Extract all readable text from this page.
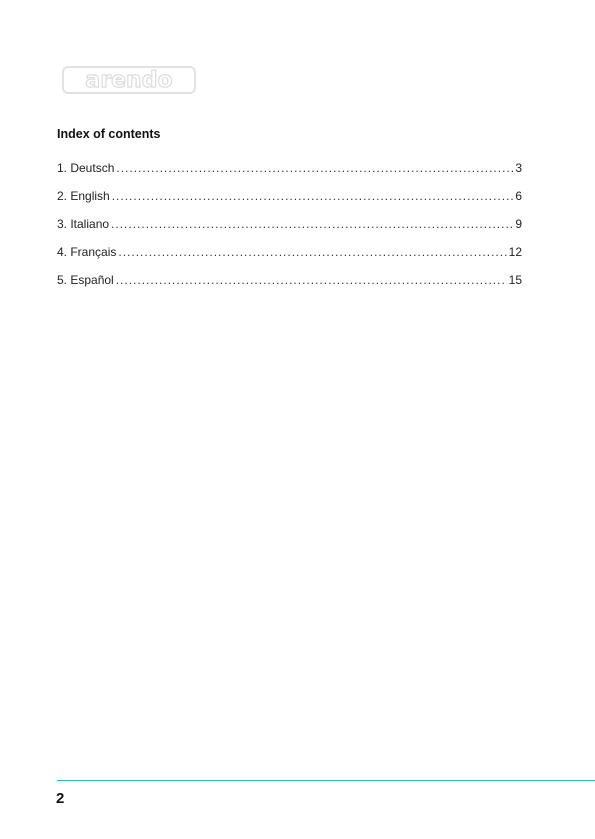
arendo
Index of contents
1. Deutsch .....	3
2. English .....	6
3. Italiano .....	9
4. Français .....	12
5. Español .....	15
2
